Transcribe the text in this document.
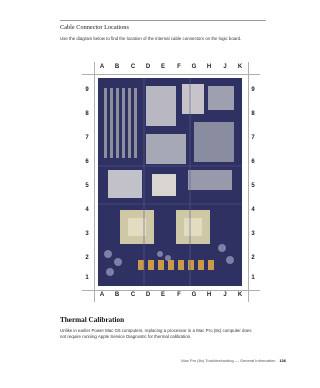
Cable Connector Locations
Use the diagram below to find the location of the internal cable connectors on the logic board.
A	B	C	D	E	F	G	H	J	K
A	B	C	D	E	F	G	H	J	K
9
8
7
6
5
4
3
2
1
9
8
7
6
5
4
3
2
1
Thermal Calibration
Unlike in earlier Power Mac G5 computers, replacing a processor in a Mac Pro (8x) computer does
not require running Apple Service Diagnostic for thermal calibration.
Mac Pro (8x) Troubleshooting — General Information 136
